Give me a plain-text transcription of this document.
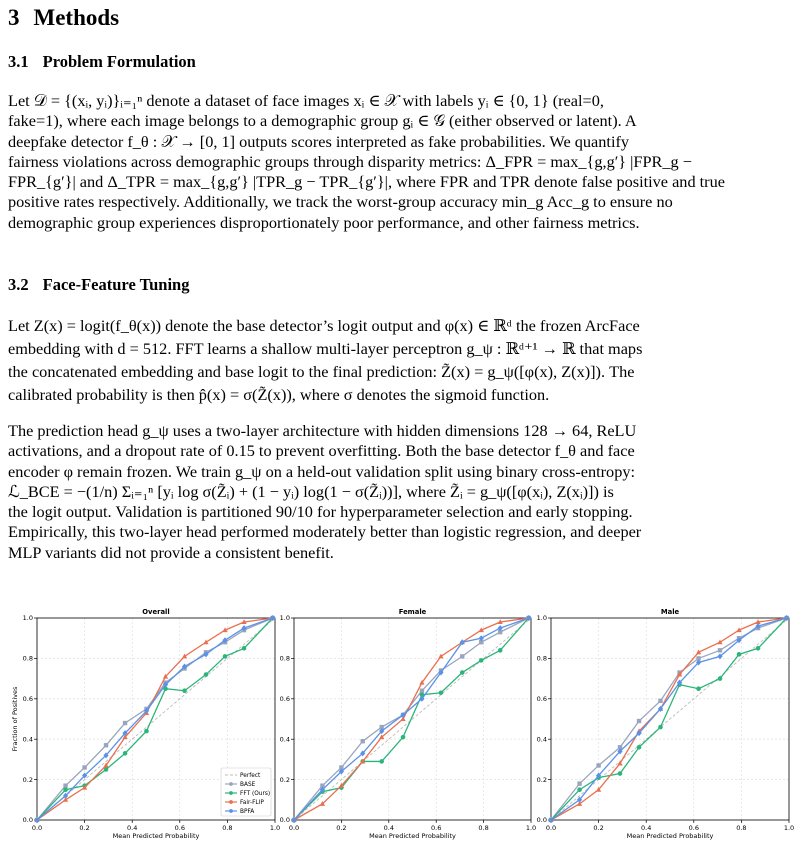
3 Methods
3.1 Problem Formulation

Let 𝒟 = {(xᵢ, yᵢ)}ᵢ₌₁ⁿ denote a dataset of face images xᵢ ∈ 𝒳 with labels yᵢ ∈ {0, 1} (real=0,
fake=1), where each image belongs to a demographic group gᵢ ∈ 𝒢 (either observed or latent). A
deepfake detector f_θ : 𝒳 → [0, 1] outputs scores interpreted as fake probabilities. We quantify
fairness violations across demographic groups through disparity metrics: Δ_FPR = max_{g,g′} |FPR_g −
FPR_{g′}| and Δ_TPR = max_{g,g′} |TPR_g − TPR_{g′}|, where FPR and TPR denote false positive and true
positive rates respectively. Additionally, we track the worst-group accuracy min_g Acc_g to ensure no
demographic group experiences disproportionately poor performance, and other fairness metrics.

3.2 Face-Feature Tuning

Let Z(x) = logit(f_θ(x)) denote the base detector’s logit output and φ(x) ∈ ℝᵈ the frozen ArcFace
embedding with d = 512. FFT learns a shallow multi-layer perceptron g_ψ : ℝᵈ⁺¹ → ℝ that maps
the concatenated embedding and base logit to the final prediction: Z̃(x) = g_ψ([φ(x), Z(x)]). The
calibrated probability is then p̂(x) = σ(Z̃(x)), where σ denotes the sigmoid function.

The prediction head g_ψ uses a two-layer architecture with hidden dimensions 128 → 64, ReLU
activations, and a dropout rate of 0.15 to prevent overfitting. Both the base detector f_θ and face
encoder φ remain frozen. We train g_ψ on a held-out validation split using binary cross-entropy:
ℒ_BCE = −(1/n) Σᵢ₌₁ⁿ [yᵢ log σ(Z̃ᵢ) + (1 − yᵢ) log(1 − σ(Z̃ᵢ))], where Z̃ᵢ = g_ψ([φ(xᵢ), Z(xᵢ)]) is
the logit output. Validation is partitioned 90/10 for hyperparameter selection and early stopping.
Empirically, this two-layer head performed moderately better than logistic regression, and deeper
MLP variants did not provide a consistent benefit.

0.0
0.0
0.2
0.2
0.4
0.4
0.6
0.6
0.8
0.8
1.0
1.0
Overall
Mean Predicted Probability
Fraction of Positives
Perfect
BASE
FFT (Ours)
Fair-FLIP
BPFA
0.0
0.0
0.2
0.2
0.4
0.4
0.6
0.6
0.8
0.8
1.0
1.0
Female
Mean Predicted Probability
0.0
0.0
0.2
0.2
0.4
0.4
0.6
0.6
0.8
0.8
1.0
1.0
Male
Mean Predicted Probability
